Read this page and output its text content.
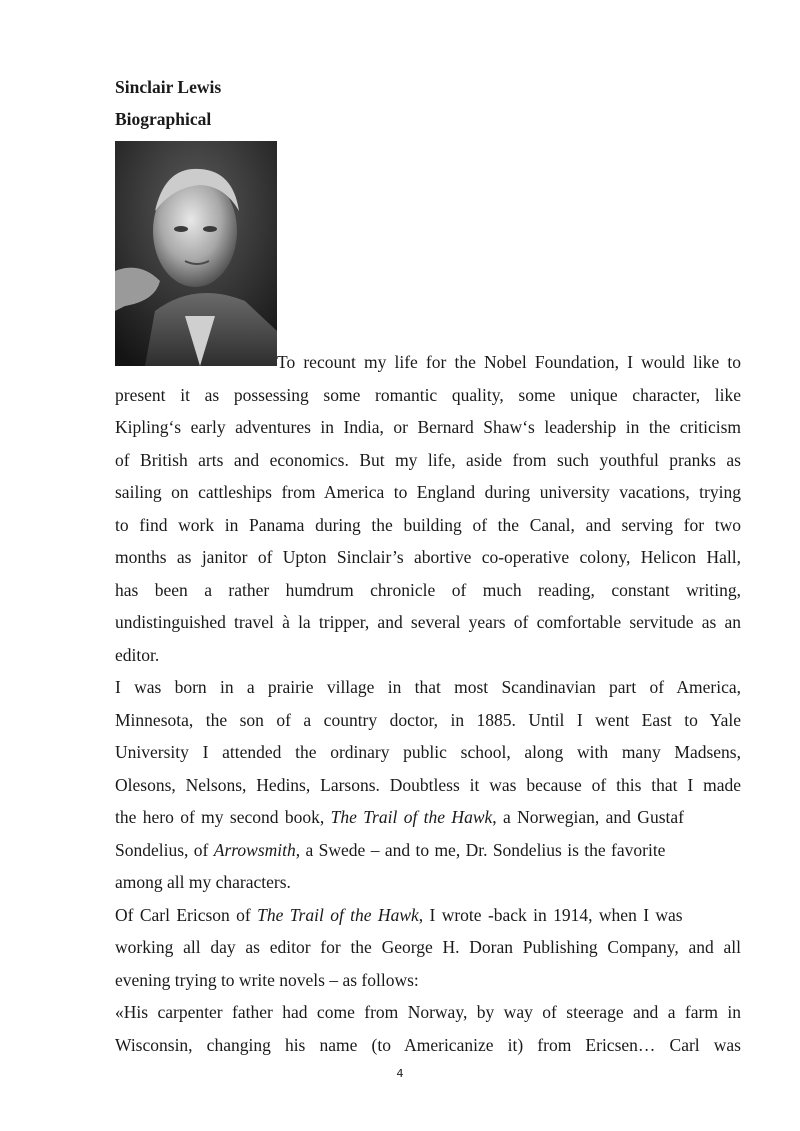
Sinclair Lewis
Biographical
To recount my life for the Nobel Foundation, I would like to
present it as possessing some romantic quality, some unique character, like
Kipling‘s early adventures in India, or Bernard Shaw‘s leadership in the criticism
of British arts and economics. But my life, aside from such youthful pranks as
sailing on cattleships from America to England during university vacations, trying
to find work in Panama during the building of the Canal, and serving for two
months as janitor of Upton Sinclair’s abortive co-operative colony, Helicon Hall,
has been a rather humdrum chronicle of much reading, constant writing,
undistinguished travel à la tripper, and several years of comfortable servitude as an
editor.
I was born in a prairie village in that most Scandinavian part of America,
Minnesota, the son of a country doctor, in 1885. Until I went East to Yale
University I attended the ordinary public school, along with many Madsens,
Olesons, Nelsons, Hedins, Larsons. Doubtless it was because of this that I made
the hero of my second book, The Trail of the Hawk, a Norwegian, and Gustaf
Sondelius, of Arrowsmith, a Swede – and to me, Dr. Sondelius is the favorite
among all my characters.
Of Carl Ericson of The Trail of the Hawk, I wrote -back in 1914, when I was
working all day as editor for the George H. Doran Publishing Company, and all
evening trying to write novels – as follows:
«His carpenter father had come from Norway, by way of steerage and a farm in
Wisconsin, changing his name (to Americanize it) from Ericsen… Carl was
4
